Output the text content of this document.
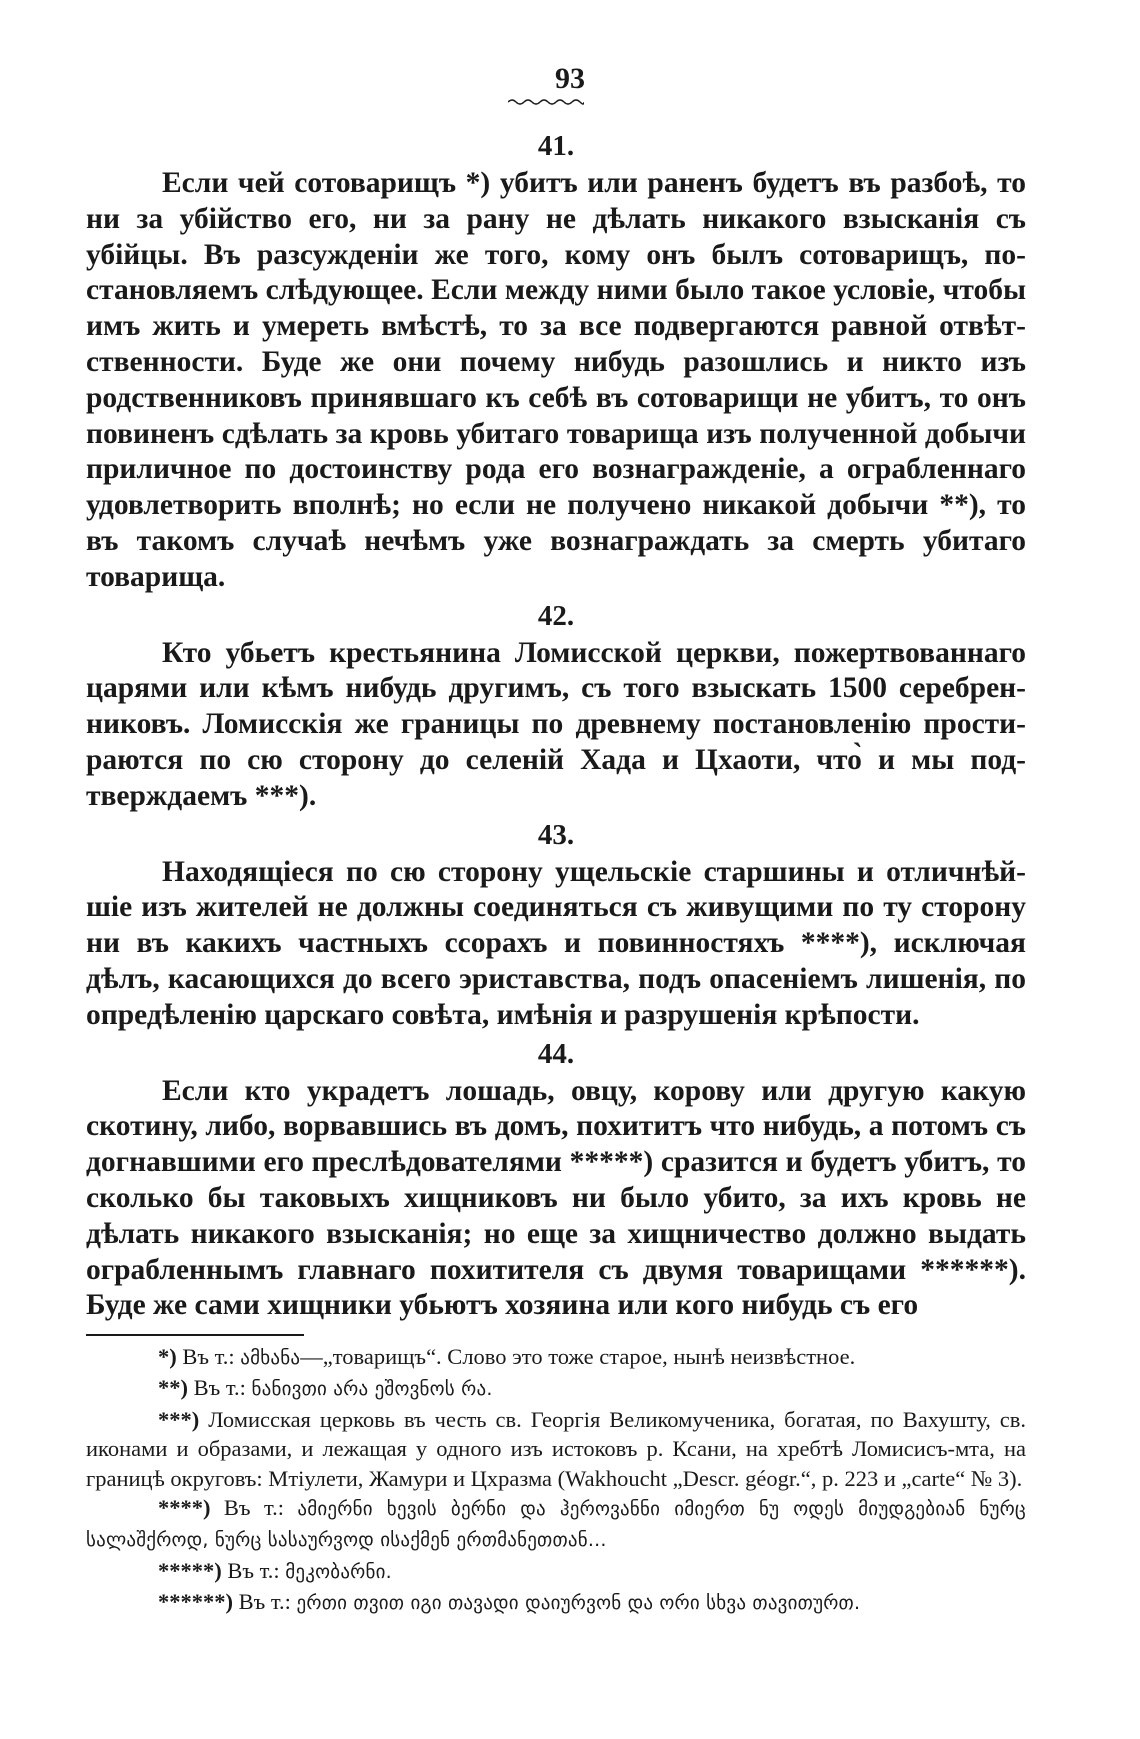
93
41.

Если чей сотоварищъ *) убитъ или раненъ будетъ въ разбоѣ, то ни за убійство его, ни за рану не дѣлать никакого взысканія съ убійцы. Въ разсужденіи же того, кому онъ былъ сотоварищъ, постановляемъ слѣдующее. Если между ними было такое условіе, чтобы имъ жить и умереть вмѣстѣ, то за все подвергаются равной отвѣтственности. Буде же они почему нибудь разошлись и никто изъ родственниковъ принявшаго къ себѣ въ сотоварищи не убитъ, то онъ повиненъ сдѣлать за кровь убитаго товарища изъ полученной добычи приличное по достоинству рода его вознагражденіе, а ограбленнаго удовлетворить вполнѣ; но если не получено никакой добычи **), то въ такомъ случаѣ нечѣмъ уже вознаграждать за смерть убитаго товарища.

42.

Кто убьетъ крестьянина Ломисской церкви, пожертвованнаго царями или кѣмъ нибудь другимъ, съ того взыскать 1500 серебренниковъ. Ломисскія же границы по древнему постановленію простираются по сю сторону до селеній Хада и Цхаоти, что̀ и мы подтверждаемъ ***).

43.

Находящіеся по сю сторону ущельскіе старшины и отличнѣйшіе изъ жителей не должны соединяться съ живущими по ту сторону ни въ какихъ частныхъ ссорахъ и повинностяхъ ****), исключая дѣлъ, касающихся до всего эриставства, подъ опасеніемъ лишенія, по опредѣленію царскаго совѣта, имѣнія и разрушенія крѣпости.

44.

Если кто украдетъ лошадь, овцу, корову или другую какую скотину, либо, ворвавшись въ домъ, похититъ что нибудь, а потомъ съ догнавшими его преслѣдователями *****) сразится и будетъ убитъ, то сколько бы таковыхъ хищниковъ ни было убито, за ихъ кровь не дѣлать никакого взысканія; но еще за хищничество должно выдать ограбленнымъ главнаго похитителя съ двумя товарищами ******). Буде же сами хищники убьютъ хозяина или кого нибудь съ его

*) Въ т.: ამხანა—„товарищъ“. Слово это тоже старое, нынѣ неизвѣстное.

**) Въ т.: ნანივთი არა ეშოვნოს რა.

***) Ломисская церковь въ честь св. Георгія Великомученика, богатая, по Вахушту, св. иконами и образами, и лежащая у одного изъ истоковъ р. Ксани, на хребтѣ Ломисисъ-мта, на границѣ округовъ: Мтіулети, Жамури и Цхразма (Wakhoucht „Descr. géogr.“, p. 223 и „carte“ № 3).

****) Въ т.: ამიერნი ხევის ბერნი და ჰეროვანნი იმიერთ ნუ ოდეს მიუდგებიან ნურც სალაშქროდ, ნურც სასაურვოდ ისაქმენ ერთმანეთთან...

*****) Въ т.: მეკობარნი.

******) Въ т.: ერთი თვით იგი თავადი დაიურვონ და ორი სხვა თავითურთ.
